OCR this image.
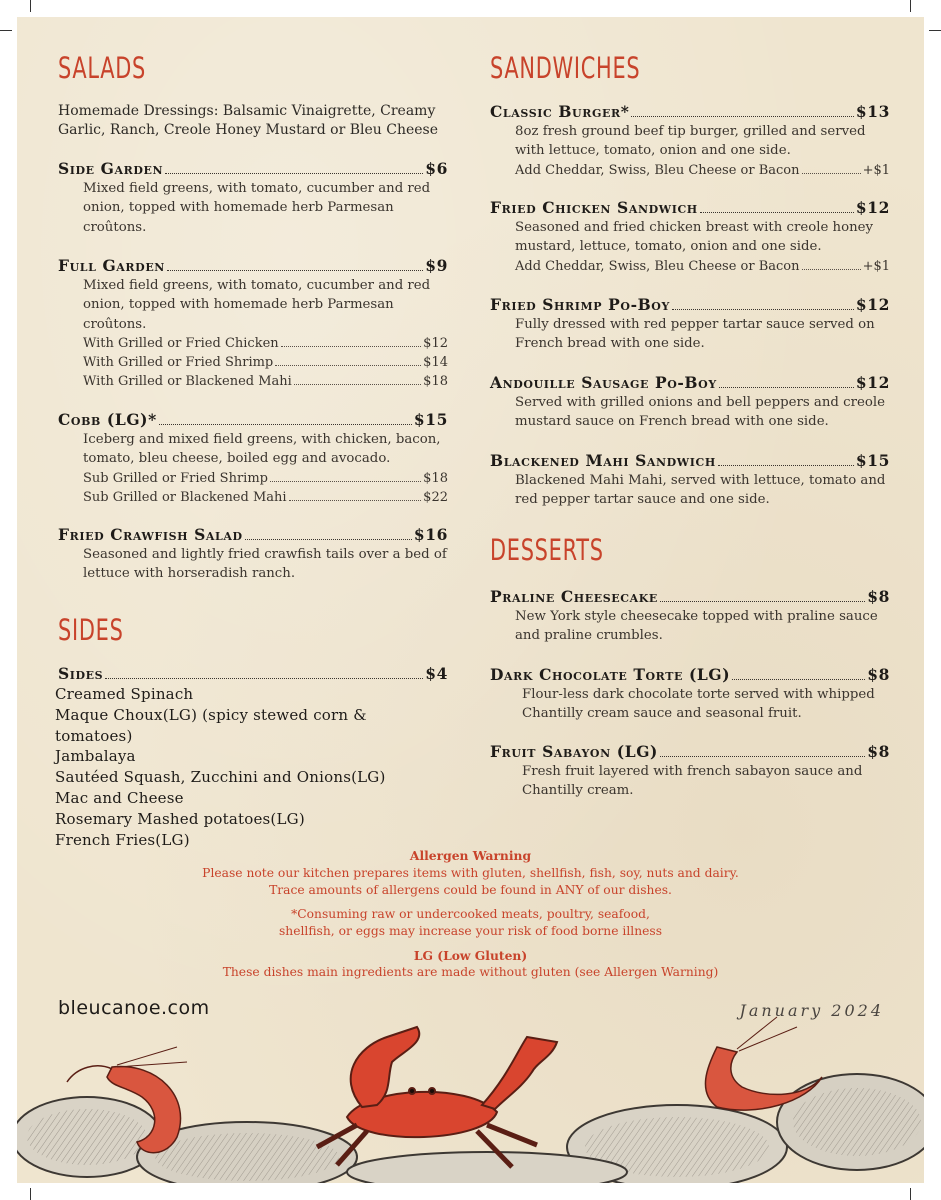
SALADS
Homemade Dressings: Balsamic Vinaigrette, Creamy Garlic, Ranch, Creole Honey Mustard or Bleu Cheese
Side Garden	$6
Mixed field greens, with tomato, cucumber and red onion, topped with homemade herb Parmesan croûtons.
Full Garden	$9
Mixed field greens, with tomato, cucumber and red onion, topped with homemade herb Parmesan croûtons.
With Grilled or Fried Chicken	$12
With Grilled or Fried Shrimp	$14
With Grilled or Blackened Mahi	$18
Cobb (LG)*	$15
Iceberg and mixed field greens, with chicken, bacon, tomato, bleu cheese, boiled egg and avocado.
Sub Grilled or Fried Shrimp	$18
Sub Grilled or Blackened Mahi	$22
Fried Crawfish Salad	$16
Seasoned and lightly fried crawfish tails over a bed of lettuce with horseradish ranch.
SIDES
Sides	$4
Creamed Spinach
Maque Choux(LG) (spicy stewed corn & tomatoes)
Jambalaya
Sautéed Squash, Zucchini and Onions(LG)
Mac and Cheese
Rosemary Mashed potatoes(LG)
French Fries(LG)
SANDWICHES
Classic Burger*	$13
8oz fresh ground beef tip burger, grilled and served with lettuce, tomato, onion and one side.
Add Cheddar, Swiss, Bleu Cheese or Bacon	+$1
Fried Chicken Sandwich	$12
Seasoned and fried chicken breast with creole honey mustard, lettuce, tomato, onion and one side.
Add Cheddar, Swiss, Bleu Cheese or Bacon	+$1
Fried Shrimp Po-Boy	$12
Fully dressed with red pepper tartar sauce served on French bread with one side.
Andouille Sausage Po-Boy	$12
Served with grilled onions and bell peppers and creole mustard sauce on French bread with one side.
Blackened Mahi Sandwich	$15
Blackened Mahi Mahi, served with lettuce, tomato and red pepper tartar sauce and one side.
DESSERTS
Praline Cheesecake	$8
New York style cheesecake topped with praline sauce and praline crumbles.
Dark Chocolate Torte (LG)	$8
Flour-less dark chocolate torte served with whipped Chantilly cream sauce and seasonal fruit.
Fruit Sabayon (LG)	$8
Fresh fruit layered with french sabayon sauce and Chantilly cream.
Allergen Warning
Please note our kitchen prepares items with gluten, shellfish, fish, soy, nuts and dairy.
Trace amounts of allergens could be found in ANY of our dishes.
*Consuming raw or undercooked meats, poultry, seafood,
shellfish, or eggs may increase your risk of food borne illness
LG (Low Gluten)
These dishes main ingredients are made without gluten (see Allergen Warning)
bleucanoe.com	January 2024
